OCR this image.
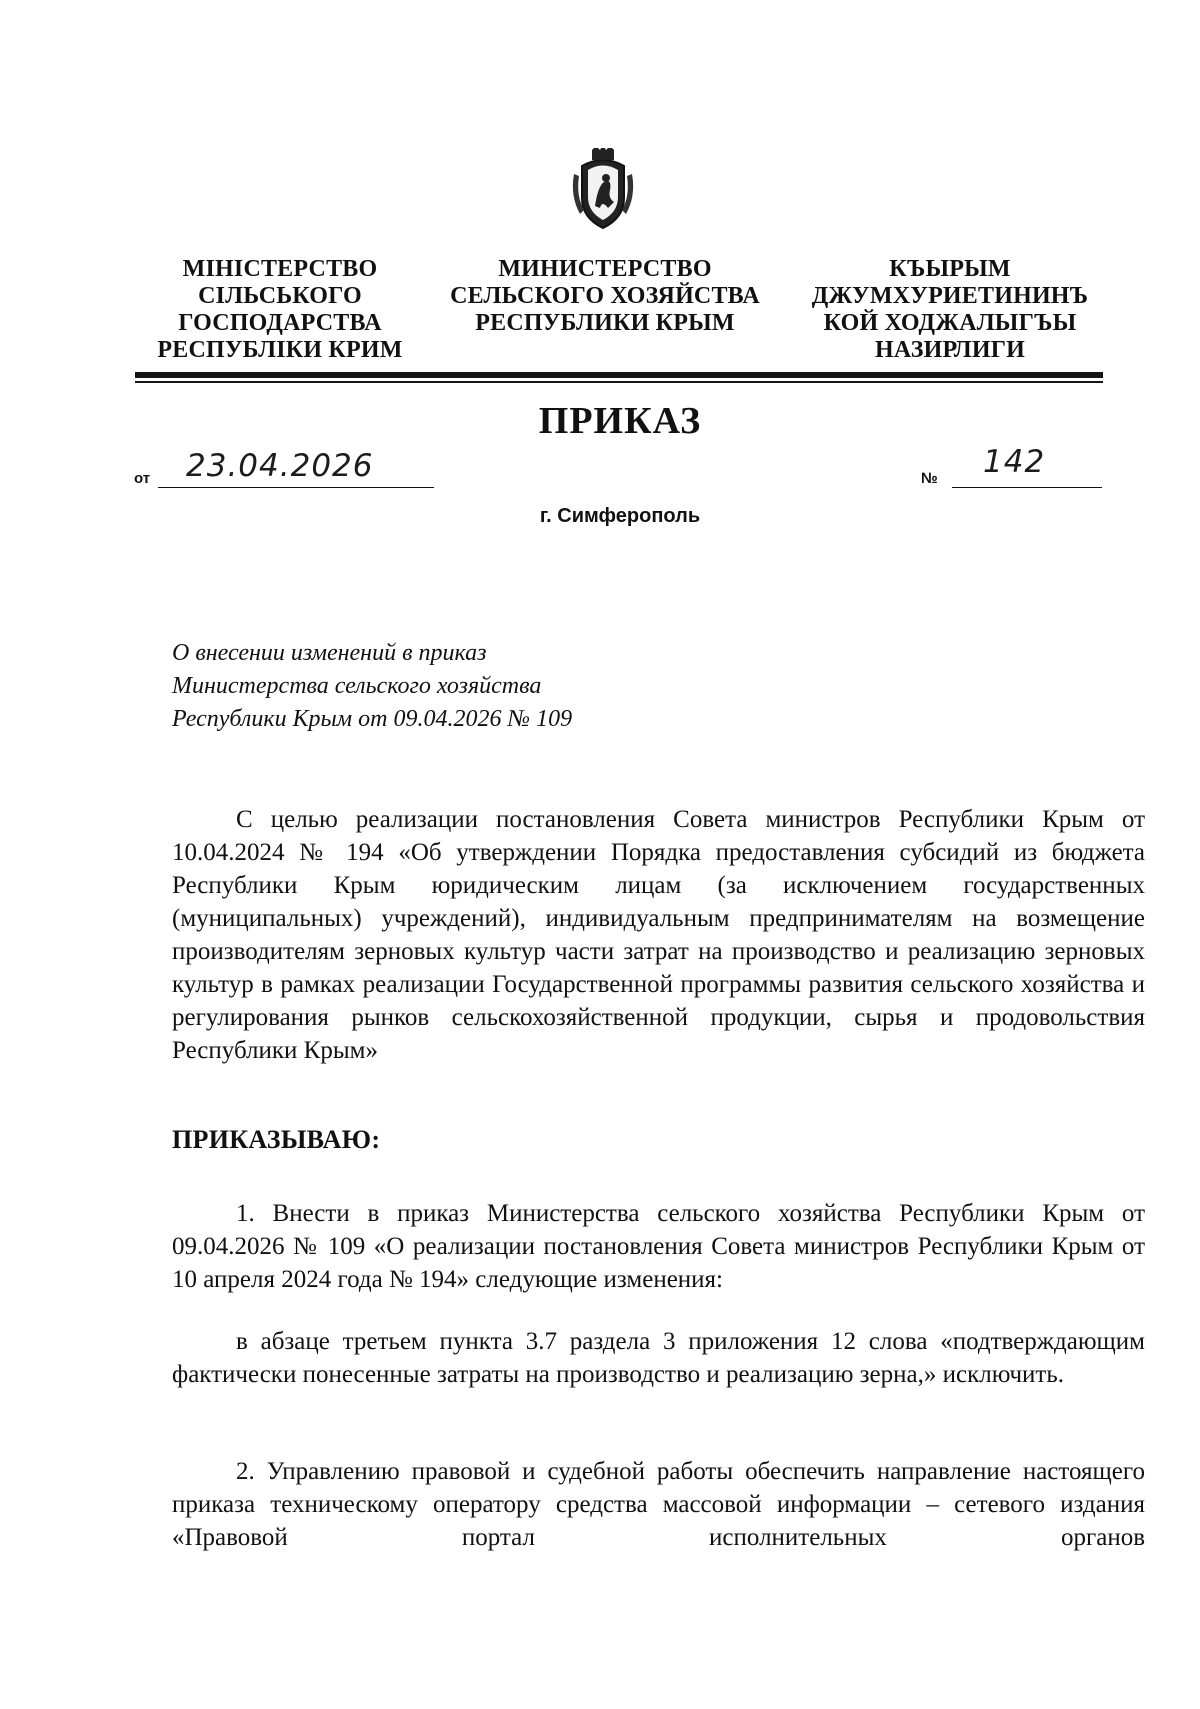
МІНІСТЕРСТВО
СІЛЬСЬКОГО
ГОСПОДАРСТВА
РЕСПУБЛІКИ КРИМ
МИНИСТЕРСТВО
СЕЛЬСКОГО ХОЗЯЙСТВА
РЕСПУБЛИКИ КРЫМ
КЪЫРЫМ
ДЖУМХУРИЕТИНИНЪ
КОЙ ХОДЖАЛЫГЪЫ
НАЗИРЛИГИ
ПРИКАЗ
от 23.04.2026	№ 142
г. Симферополь
О внесении изменений в приказ
Министерства сельского хозяйства
Республики Крым от 09.04.2026 № 109

С целью реализации постановления Совета министров Республики Крым от 10.04.2024 № 194 «Об утверждении Порядка предоставления субсидий из бюджета Республики Крым юридическим лицам (за исключением государственных (муниципальных) учреждений), индивидуальным предпринимателям на возмещение производителям зерновых культур части затрат на производство и реализацию зерновых культур в рамках реализации Государственной программы развития сельского хозяйства и регулирования рынков сельскохозяйственной продукции, сырья и продовольствия Республики Крым»

ПРИКАЗЫВАЮ:

1. Внести в приказ Министерства сельского хозяйства Республики Крым от 09.04.2026 № 109 «О реализации постановления Совета министров Республики Крым от 10 апреля 2024 года № 194» следующие изменения:

в абзаце третьем пункта 3.7 раздела 3 приложения 12 слова «подтверждающим фактически понесенные затраты на производство и реализацию зерна,» исключить.

2. Управлению правовой и судебной работы обеспечить направление настоящего приказа техническому оператору средства массовой информации – сетевого издания «Правовой портал исполнительных органов
